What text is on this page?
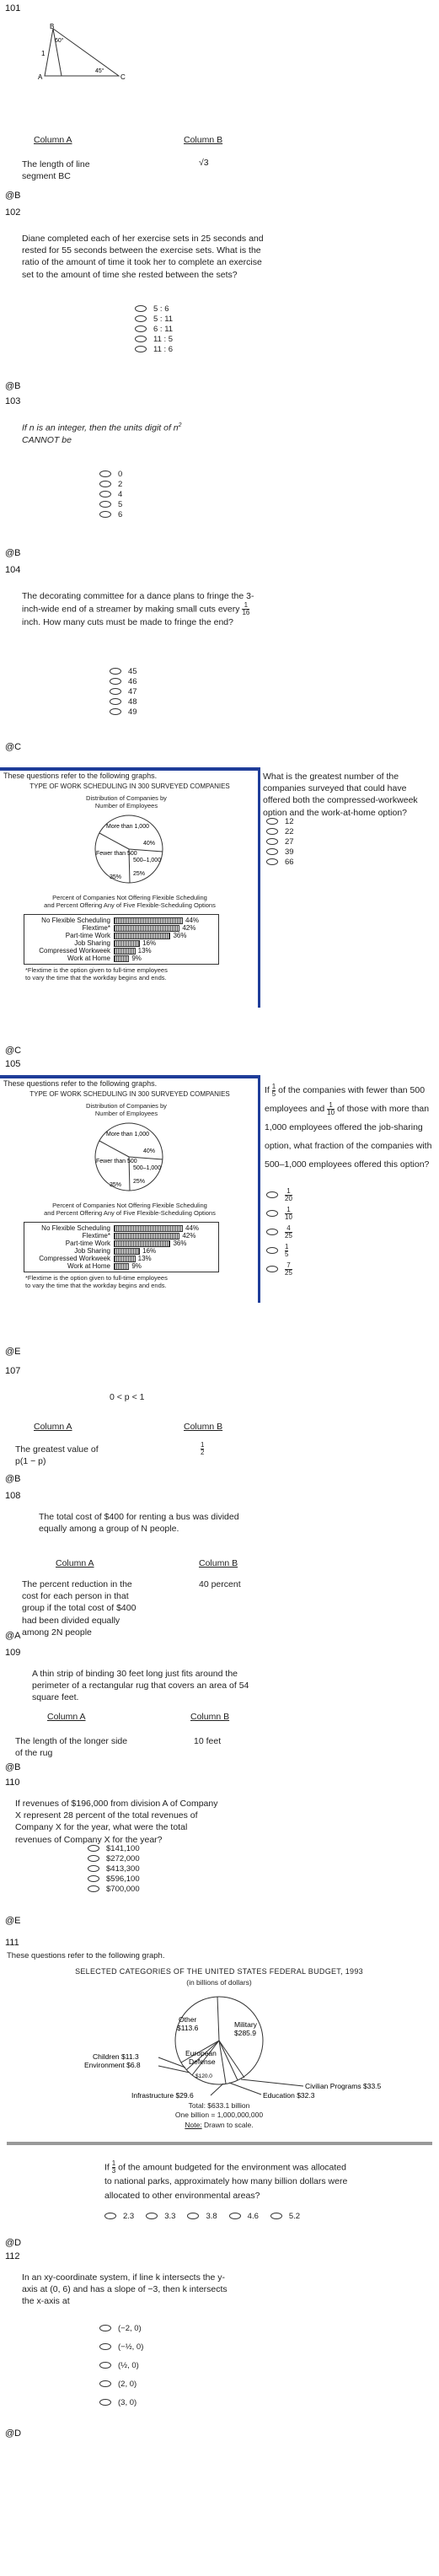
101
B
A	C
60°
45°
1
Column A	Column B
The length of line segment BC
√3
@B
102
Diane completed each of her exercise sets in 25 seconds and rested for 55 seconds between the exercise sets. What is the ratio of the amount of time it took her to complete an exercise set to the amount of time she rested between the sets?
5 : 6
5 : 11
6 : 11
11 : 5
11 : 6
@B
103
If n is an integer, then the units digit of $n^2$
CANNOT be
0
2
4
5
6
@B
104
The decorating committee for a dance plans to fringe the 3-inch-wide end of a streamer by making small cuts every $\frac{1}{16}$
inch. How many cuts must be made to fringe the end?
45
46
47
48
49
@C
These questions refer to the following graphs.
TYPE OF WORK SCHEDULING IN 300 SURVEYED COMPANIES
Distribution of Companies by
Number of Employees
More than 1,000
40%
500–1,000
25%
Fewer than 500
35%
Percent of Companies Not Offering Flexible Scheduling
and Percent Offering Any of Five Flexible-Scheduling Options
No Flexible Scheduling	44%
Flextime*	42%
Part-time Work	36%
Job Sharing	16%
Compressed Workweek	13%
Work at Home	9%
*Flextime is the option given to full-time employees
to vary the time that the workday begins and ends.
What is the greatest number of the companies surveyed that could have offered both the compressed-workweek option and the work-at-home option?
12
22
27
39
66
@C
105
These questions refer to the following graphs.
TYPE OF WORK SCHEDULING IN 300 SURVEYED COMPANIES
Distribution of Companies by
Number of Employees
More than 1,000
40%
500–1,000
25%
Fewer than 500
35%
Percent of Companies Not Offering Flexible Scheduling
and Percent Offering Any of Five Flexible-Scheduling Options
No Flexible Scheduling	44%
Flextime*	42%
Part-time Work	36%
Job Sharing	16%
Compressed Workweek	13%
Work at Home	9%
*Flextime is the option given to full-time employees
to vary the time that the workday begins and ends.
If $\frac{1}{5}$ of the companies with fewer than 500 employees and $\frac{1}{10}$ of those with more than 1,000 employees offered the job-sharing option, what fraction of the companies with 500–1,000 employees offered this option?
$\frac{1}{20}$
$\frac{1}{10}$
$\frac{4}{25}$
$\frac{1}{5}$
$\frac{7}{25}$
@E
107
0 < p < 1
Column A	Column B
The greatest value of p(1 − p)
$\frac{1}{2}$
@B
108
The total cost of $400 for renting a bus was divided equally among a group of N people.
Column A	Column B
The percent reduction in the cost for each person in that group if the total cost of $400 had been divided equally among 2N people
40 percent
@A
109
A thin strip of binding 30 feet long just fits around the perimeter of a rectangular rug that covers an area of 54 square feet.
Column A	Column B
The length of the longer side of the rug
10 feet
@B
110
If revenues of $196,000 from division A of Company X represent 28 percent of the total revenues of Company X for the year, what were the total revenues of Company X for the year?
$141,100
$272,000
$413,300
$596,100
$700,000
@E
111
These questions refer to the following graph.
SELECTED CATEGORIES OF THE UNITED STATES FEDERAL BUDGET, 1993
(in billions of dollars)
Other
$113.6	Military
$285.9
Children $11.3
Environment $6.8
European
Defense
$120.0
Civilian Programs $33.5
Education $32.3
Infrastructure $29.6
Total: $633.1 billion
One billion = 1,000,000,000
Note: Drawn to scale.
If $\frac{1}{3}$ of the amount budgeted for the environment was allocated to national parks, approximately how many billion dollars were allocated to other environmental areas?
2.3	3.3	3.8	4.6	5.2
@D
112
In an xy-coordinate system, if line k intersects the y-axis at (0, 6) and has a slope of −3, then k intersects the x-axis at
(−2, 0)
(−½, 0)
(½, 0)
(2, 0)
(3, 0)
@D
